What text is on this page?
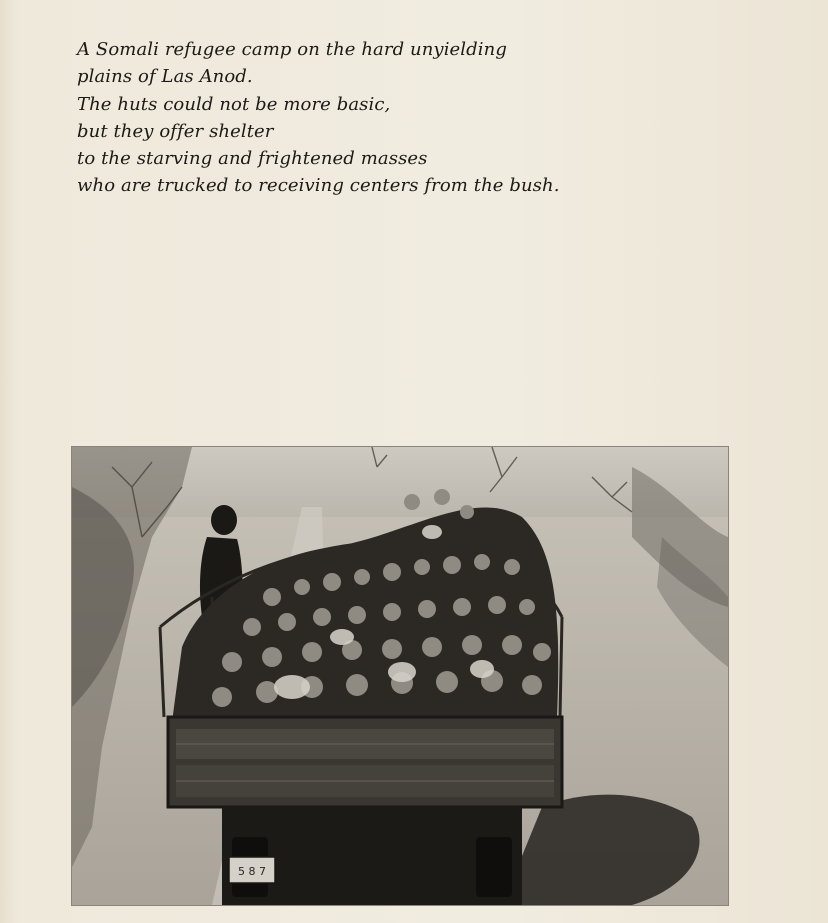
A Somali refugee camp on the hard unyielding
plains of Las Anod.
The huts could not be more basic,
but they offer shelter
to the starving and frightened masses
who are trucked to receiving centers from the bush.
5 8 7
